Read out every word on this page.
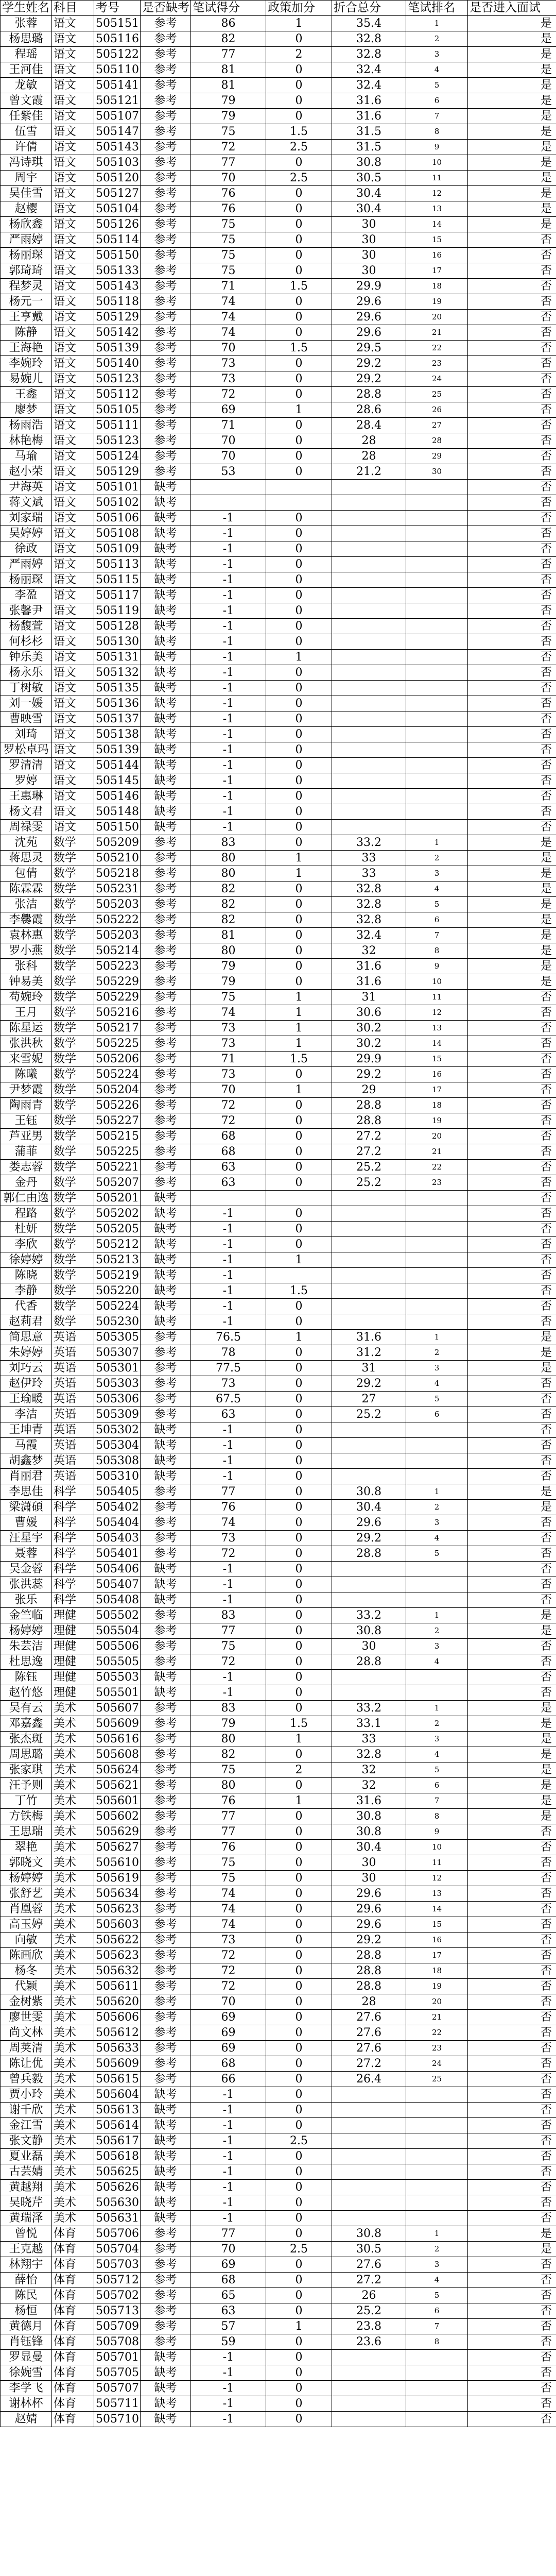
学生姓名	科目	考号	是否缺考	笔试得分	政策加分	折合总分	笔试排名	是否进入面试
张蓉	语文	505151	参考	86	1	35.4	1	是
杨思璐	语文	505116	参考	82	0	32.8	2	是
程瑶	语文	505122	参考	77	2	32.8	3	是
王河佳	语文	505110	参考	81	0	32.4	4	是
龙敏	语文	505141	参考	81	0	32.4	5	是
曾文霞	语文	505121	参考	79	0	31.6	6	是
任紫佳	语文	505107	参考	79	0	31.6	7	是
伍雪	语文	505147	参考	75	1.5	31.5	8	是
许倩	语文	505143	参考	72	2.5	31.5	9	是
冯诗琪	语文	505103	参考	77	0	30.8	10	是
周宇	语文	505120	参考	70	2.5	30.5	11	是
吴佳雪	语文	505127	参考	76	0	30.4	12	是
赵樱	语文	505104	参考	76	0	30.4	13	是
杨欣鑫	语文	505126	参考	75	0	30	14	是
严雨婷	语文	505114	参考	75	0	30	15	否
杨丽琛	语文	505150	参考	75	0	30	16	否
郭琦琦	语文	505133	参考	75	0	30	17	否
程梦灵	语文	505143	参考	71	1.5	29.9	18	否
杨元一	语文	505118	参考	74	0	29.6	19	否
王亨戴	语文	505129	参考	74	0	29.6	20	否
陈静	语文	505142	参考	74	0	29.6	21	否
王海艳	语文	505139	参考	70	1.5	29.5	22	否
李婉玲	语文	505140	参考	73	0	29.2	23	否
易婉儿	语文	505123	参考	73	0	29.2	24	否
王鑫	语文	505112	参考	72	0	28.8	25	否
廖梦	语文	505105	参考	69	1	28.6	26	否
杨雨浩	语文	505111	参考	71	0	28.4	27	否
林艳梅	语文	505123	参考	70	0	28	28	否
马瑜	语文	505124	参考	70	0	28	29	否
赵小荣	语文	505129	参考	53	0	21.2	30	否
尹海英	语文	505101	缺考					否
蒋文斌	语文	505102	缺考					否
刘家瑞	语文	505106	缺考	-1	0			否
吴婷婷	语文	505108	缺考	-1	0			否
徐政	语文	505109	缺考	-1	0			否
严雨婷	语文	505113	缺考	-1	0			否
杨丽琛	语文	505115	缺考	-1	0			否
李盈	语文	505117	缺考	-1	0			否
张馨尹	语文	505119	缺考	-1	0			否
杨馥萱	语文	505128	缺考	-1	0			否
何杉杉	语文	505130	缺考	-1	0			否
钟乐美	语文	505131	缺考	-1	1			否
杨永乐	语文	505132	缺考	-1	0			否
丁树敏	语文	505135	缺考	-1	0			否
刘一媛	语文	505136	缺考	-1	0			否
曹映雪	语文	505137	缺考	-1	0			否
刘琦	语文	505138	缺考	-1	0			否
罗松卓玛	语文	505139	缺考	-1	0			否
罗清清	语文	505144	缺考	-1	0			否
罗婷	语文	505145	缺考	-1	0			否
王惠琳	语文	505146	缺考	-1	0			否
杨文君	语文	505148	缺考	-1	0			否
周禄雯	语文	505150	缺考	-1	0			否
沈苑	数学	505209	参考	83	0	33.2	1	是
蒋思灵	数学	505210	参考	80	1	33	2	是
包倩	数学	505218	参考	80	1	33	3	是
陈霖霖	数学	505231	参考	82	0	32.8	4	是
张洁	数学	505203	参考	82	0	32.8	5	是
李爨霞	数学	505222	参考	82	0	32.8	6	是
袁林惠	数学	505203	参考	81	0	32.4	7	是
罗小燕	数学	505214	参考	80	0	32	8	是
张科	数学	505223	参考	79	0	31.6	9	是
钟易美	数学	505229	参考	79	0	31.6	10	是
苟婉玲	数学	505229	参考	75	1	31	11	否
王月	数学	505216	参考	74	1	30.6	12	否
陈星运	数学	505217	参考	73	1	30.2	13	否
张洪秋	数学	505225	参考	73	1	30.2	14	否
来雪妮	数学	505206	参考	71	1.5	29.9	15	否
陈曦	数学	505224	参考	73	0	29.2	16	否
尹梦霞	数学	505204	参考	70	1	29	17	否
陶雨青	数学	505226	参考	72	0	28.8	18	否
王钰	数学	505227	参考	72	0	28.8	19	否
芦亚男	数学	505215	参考	68	0	27.2	20	否
蒲菲	数学	505225	参考	68	0	27.2	21	否
娄志蓉	数学	505221	参考	63	0	25.2	22	否
金丹	数学	505207	参考	63	0	25.2	23	否
郭仁由逸	数学	505201	缺考					否
程路	数学	505202	缺考	-1	0			否
杜妍	数学	505205	缺考	-1	0			否
李欣	数学	505212	缺考	-1	0			否
徐婷婷	数学	505213	缺考	-1	1			否
陈晓	数学	505219	缺考	-1				否
李静	数学	505220	缺考	-1	1.5			否
代香	数学	505224	缺考	-1	0			否
赵莉君	数学	505230	缺考	-1	0			否
简思意	英语	505305	参考	76.5	1	31.6	1	是
朱婷婷	英语	505307	参考	78	0	31.2	2	是
刘巧云	英语	505301	参考	77.5	0	31	3	是
赵伊玲	英语	505303	参考	73	0	29.2	4	否
王瑜暖	英语	505306	参考	67.5	0	27	5	否
李洁	英语	505309	参考	63	0	25.2	6	否
王坤青	英语	505302	缺考	-1	0			否
马霞	英语	505304	缺考	-1	0			否
胡鑫梦	英语	505308	缺考	-1	0			否
肖丽君	英语	505310	缺考	-1	0			否
李思佳	科学	505405	参考	77	0	30.8	1	是
梁潇碩	科学	505402	参考	76	0	30.4	2	是
曹媛	科学	505404	参考	74	0	29.6	3	否
汪星宇	科学	505403	参考	73	0	29.2	4	否
聂蓉	科学	505401	参考	72	0	28.8	5	否
吴金蓉	科学	505406	缺考	-1	0			否
张洪蕊	科学	505407	缺考	-1	0			否
张乐	科学	505408	缺考	-1	0			否
金竺临	理健	505502	参考	83	0	33.2	1	是
杨婷婷	理健	505504	参考	77	0	30.8	2	是
朱芸洁	理健	505506	参考	75	0	30	3	否
杜思逸	理健	505505	参考	72	0	28.8	4	否
陈钰	理健	505503	缺考	-1	0			否
赵竹悠	理健	505501	缺考	-1	0			否
吴有云	美术	505607	参考	83	0	33.2	1	是
邓嘉鑫	美术	505609	参考	79	1.5	33.1	2	是
张杰斑	美术	505616	参考	80	1	33	3	是
周思璐	美术	505608	参考	82	0	32.8	4	是
张家琪	美术	505624	参考	75	2	32	5	是
汪予则	美术	505621	参考	80	0	32	6	是
丁竹	美术	505601	参考	76	1	31.6	7	是
方铁梅	美术	505602	参考	77	0	30.8	8	是
王思瑞	美术	505629	参考	77	0	30.8	9	否
翠艳	美术	505627	参考	76	0	30.4	10	否
郭晓文	美术	505610	参考	75	0	30	11	否
杨婷婷	美术	505619	参考	75	0	30	12	否
张舒艺	美术	505634	参考	74	0	29.6	13	否
肖凰蓉	美术	505623	参考	74	0	29.6	14	否
高玉婷	美术	505603	参考	74	0	29.6	15	否
向敏	美术	505622	参考	73	0	29.2	16	否
陈画欣	美术	505623	参考	72	0	28.8	17	否
杨冬	美术	505632	参考	72	0	28.8	18	否
代颖	美术	505611	参考	72	0	28.8	19	否
金树紫	美术	505620	参考	70	0	28	20	否
廖世雯	美术	505606	参考	69	0	27.6	21	否
尚文林	美术	505612	参考	69	0	27.6	22	否
周荚清	美术	505633	参考	69	0	27.6	23	否
陈让优	美术	505609	参考	68	0	27.2	24	否
曾兵毅	美术	505615	参考	66	0	26.4	25	否
贾小玲	美术	505604	缺考	-1	0			否
谢千欣	美术	505613	缺考	-1	0			否
金江雪	美术	505614	缺考	-1	0			否
张文静	美术	505617	缺考	-1	2.5			否
夏业磊	美术	505618	缺考	-1	0			否
古芸婧	美术	505625	缺考	-1	0			否
黄越翔	美术	505626	缺考	-1	0			否
吴晓芹	美术	505630	缺考	-1	0			否
黄瑞泽	美术	505631	缺考	-1	0			否
曾悦	体育	505706	参考	77	0	30.8	1	是
王克越	体育	505704	参考	70	2.5	30.5	2	是
林翔宇	体育	505703	参考	69	0	27.6	3	否
薛怡	体育	505712	参考	68	0	27.2	4	否
陈民	体育	505702	参考	65	0	26	5	否
杨恒	体育	505713	参考	63	0	25.2	6	否
黄德月	体育	505709	参考	57	1	23.8	7	否
肖钰锋	体育	505708	参考	59	0	23.6	8	否
罗显曼	体育	505701	缺考	-1	0			否
徐婉雪	体育	505705	缺考	-1	0			否
李学飞	体育	505707	缺考	-1	0			否
谢林杯	体育	505711	缺考	-1	0			否
赵婧	体育	505710	缺考	-1	0			否
